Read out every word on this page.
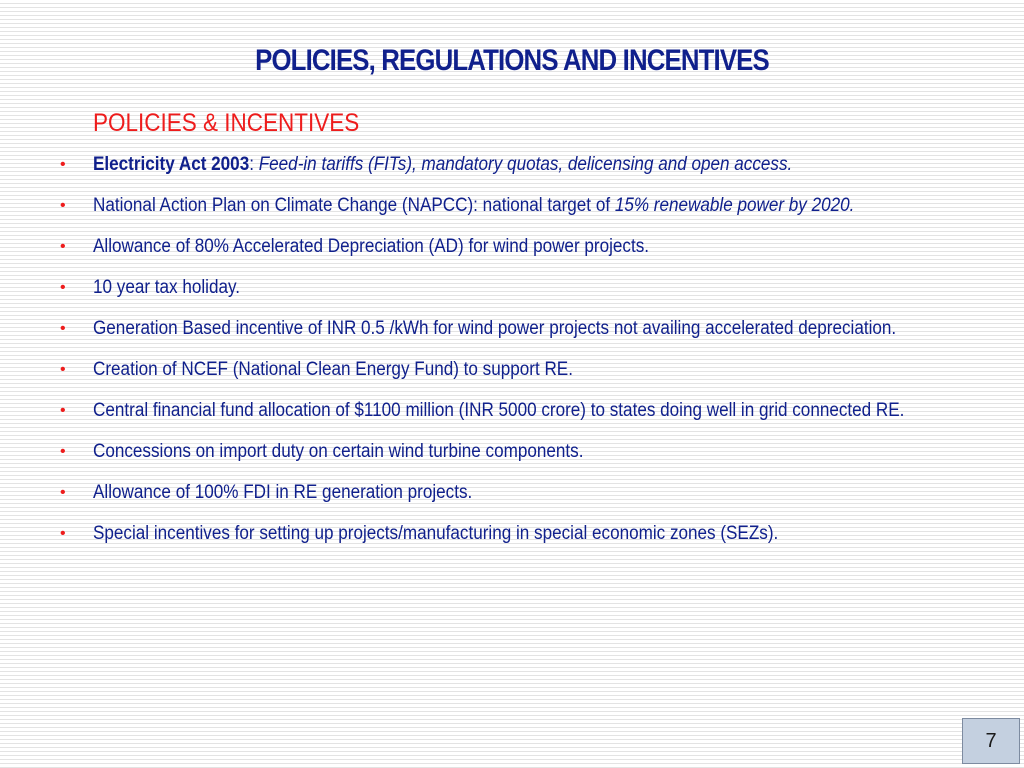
POLICIES, REGULATIONS AND INCENTIVES
POLICIES & INCENTIVES
• Electricity Act 2003: Feed-in tariffs (FITs), mandatory quotas, delicensing and open access.
• National Action Plan on Climate Change (NAPCC): national target of 15% renewable power by 2020.
• Allowance of 80% Accelerated Depreciation (AD) for wind power projects.
• 10 year tax holiday.
• Generation Based incentive of INR 0.5 /kWh for wind power projects not availing accelerated depreciation.
• Creation of NCEF (National Clean Energy Fund) to support RE.
• Central financial fund allocation of $1100 million (INR 5000 crore) to states doing well in grid connected RE.
• Concessions on import duty on certain wind turbine components.
• Allowance of 100% FDI in RE generation projects.
• Special incentives for setting up projects/manufacturing in special economic zones (SEZs).
7
